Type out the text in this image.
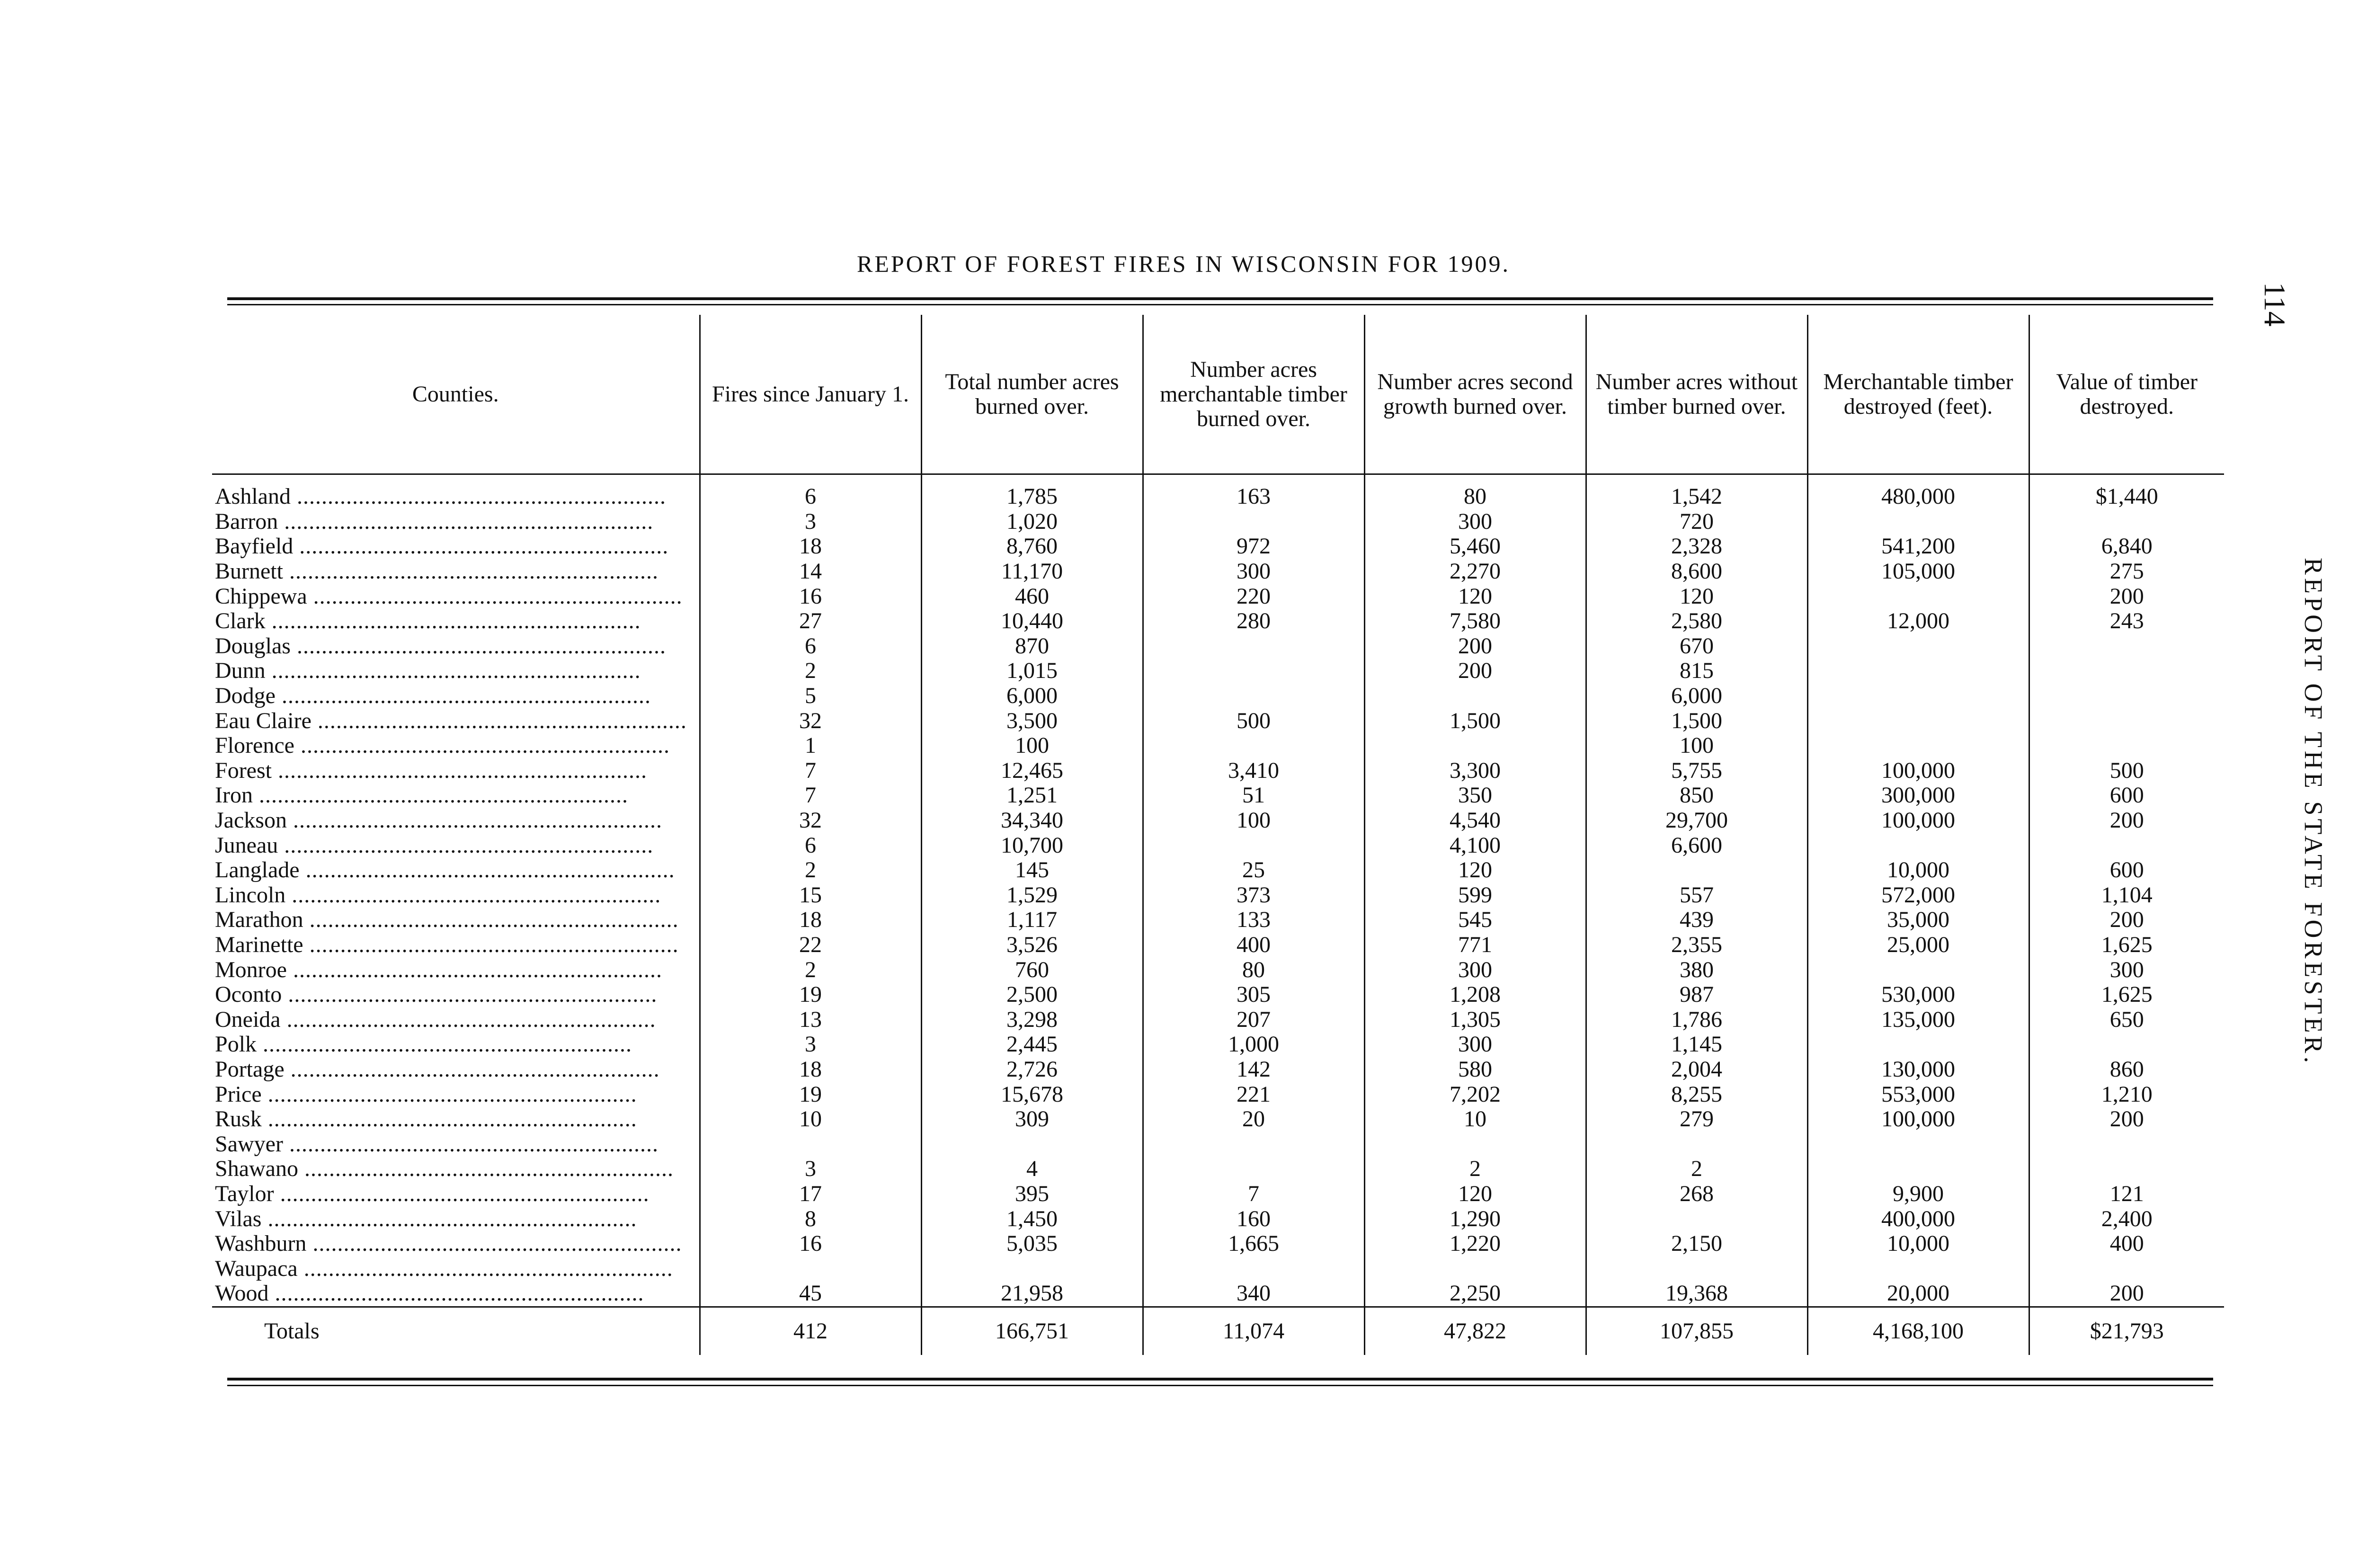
REPORT OF FOREST FIRES IN WISCONSIN FOR 1909.
114
REPORT OF THE STATE FORESTER.
Counties.	Fires since January 1.	Total number acres burned over.	Number acres merchantable timber burned over.	Number acres second growth burned over.	Number acres without timber burned over.	Merchantable timber destroyed (feet).	Value of timber destroyed.
Ashland ............................................................	6	1,785	163	80	1,542	480,000	$1,440
Barron ............................................................	3	1,020		300	720		
Bayfield ............................................................	18	8,760	972	5,460	2,328	541,200	6,840
Burnett ............................................................	14	11,170	300	2,270	8,600	105,000	275
Chippewa ............................................................	16	460	220	120	120		200
Clark ............................................................	27	10,440	280	7,580	2,580	12,000	243
Douglas ............................................................	6	870		200	670		
Dunn ............................................................	2	1,015		200	815		
Dodge ............................................................	5	6,000			6,000		
Eau Claire ............................................................	32	3,500	500	1,500	1,500		
Florence ............................................................	1	100			100		
Forest ............................................................	7	12,465	3,410	3,300	5,755	100,000	500
Iron ............................................................	7	1,251	51	350	850	300,000	600
Jackson ............................................................	32	34,340	100	4,540	29,700	100,000	200
Juneau ............................................................	6	10,700		4,100	6,600		
Langlade ............................................................	2	145	25	120		10,000	600
Lincoln ............................................................	15	1,529	373	599	557	572,000	1,104
Marathon ............................................................	18	1,117	133	545	439	35,000	200
Marinette ............................................................	22	3,526	400	771	2,355	25,000	1,625
Monroe ............................................................	2	760	80	300	380		300
Oconto ............................................................	19	2,500	305	1,208	987	530,000	1,625
Oneida ............................................................	13	3,298	207	1,305	1,786	135,000	650
Polk ............................................................	3	2,445	1,000	300	1,145		
Portage ............................................................	18	2,726	142	580	2,004	130,000	860
Price ............................................................	19	15,678	221	7,202	8,255	553,000	1,210
Rusk ............................................................	10	309	20	10	279	100,000	200
Sawyer ............................................................							
Shawano ............................................................	3	4		2	2		
Taylor ............................................................	17	395	7	120	268	9,900	121
Vilas ............................................................	8	1,450	160	1,290		400,000	2,400
Washburn ............................................................	16	5,035	1,665	1,220	2,150	10,000	400
Waupaca ............................................................							
Wood ............................................................	45	21,958	340	2,250	19,368	20,000	200
Totals	412	166,751	11,074	47,822	107,855	4,168,100	$21,793
